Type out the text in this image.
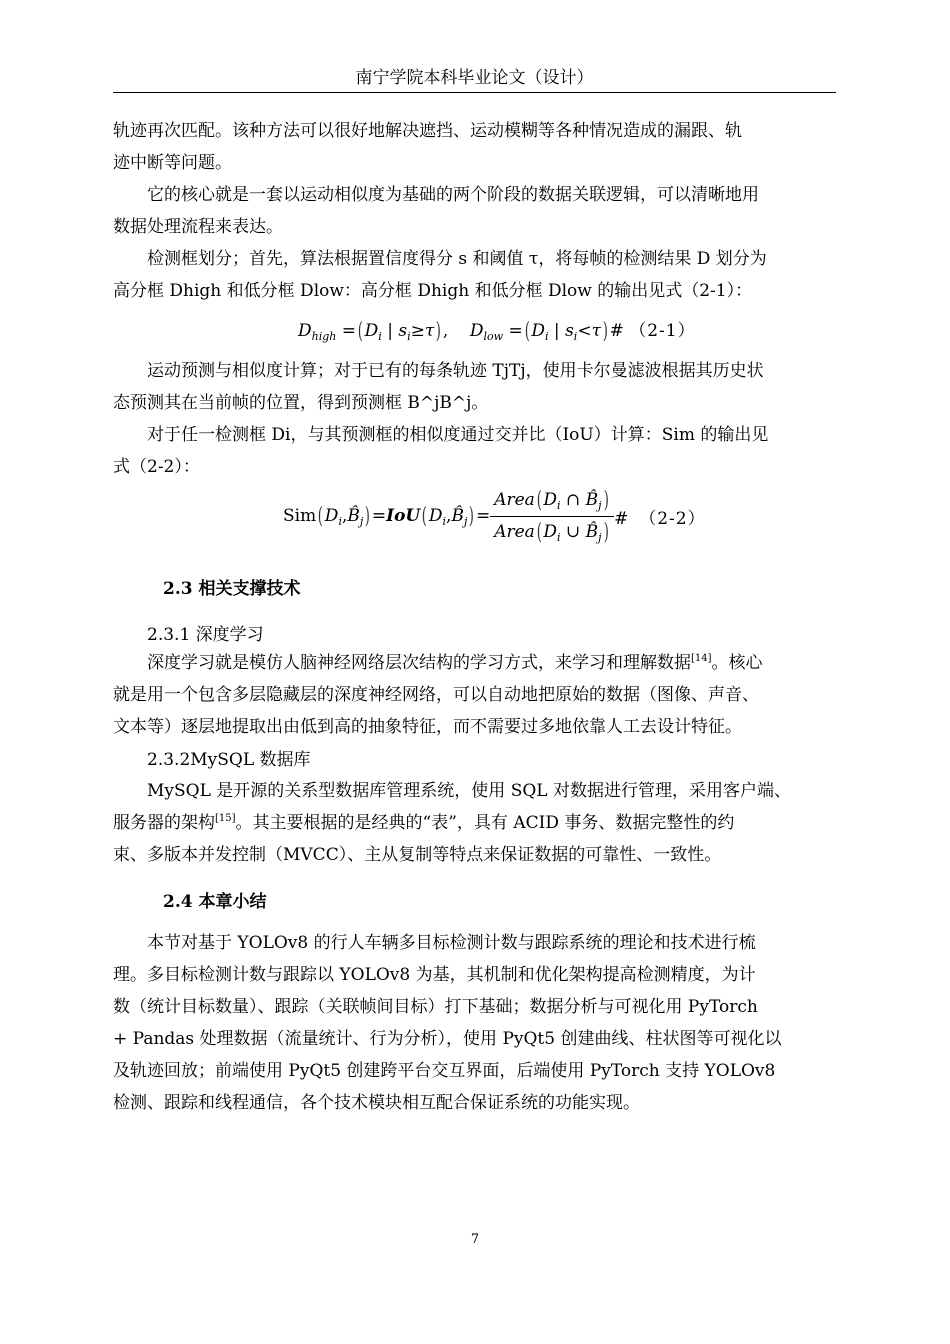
南宁学院本科毕业论文（设计）
轨迹再次匹配。该种方法可以很好地解决遮挡、运动模糊等各种情况造成的漏跟、轨
迹中断等问题。
它的核心就是一套以运动相似度为基础的两个阶段的数据关联逻辑，可以清晰地用
数据处理流程来表达。
检测框划分；首先，算法根据置信度得分 s 和阈值 τ，将每帧的检测结果 D 划分为
高分框 Dhigh 和低分框 Dlow：高分框 Dhigh 和低分框 Dlow 的输出见式（2-1）：
$D_{high}$ =( $D_i$ | $s_i\ge\tau$) , $D_{low}$ =( $D_i$ | $s_i<\tau$) # （2-1）
运动预测与相似度计算；对于已有的每条轨迹 TjTj，使用卡尔曼滤波根据其历史状
态预测其在当前帧的位置，得到预测框 B^jB^j。
对于任一检测框 Di，与其预测框的相似度通过交并比（IoU）计算：Sim 的输出见
式（2-2）：
Sim( $D_i,B̂_j) =IoU$( $D_i,B̂_j) = \frac{Area( D_i \cap B̂_j)}{Area( D_i \cup B̂_j)}$ # （2-2）
2.3 相关支撑技术
2.3.1 深度学习
深度学习就是模仿人脑神经网络层次结构的学习方式，来学习和理解数据[14]。核心
就是用一个包含多层隐藏层的深度神经网络，可以自动地把原始的数据（图像、声音、
文本等）逐层地提取出由低到高的抽象特征，而不需要过多地依靠人工去设计特征。
2.3.2MySQL 数据库
MySQL 是开源的关系型数据库管理系统，使用 SQL 对数据进行管理，采用客户端、
服务器的架构[15]。其主要根据的是经典的“表”，具有 ACID 事务、数据完整性的约
束、多版本并发控制（MVCC）、主从复制等特点来保证数据的可靠性、一致性。
2.4 本章小结
本节对基于 YOLOv8 的行人车辆多目标检测计数与跟踪系统的理论和技术进行梳
理。多目标检测计数与跟踪以 YOLOv8 为基，其机制和优化架构提高检测精度，为计
数（统计目标数量）、跟踪（关联帧间目标）打下基础；数据分析与可视化用 PyTorch
+ Pandas 处理数据（流量统计、行为分析），使用 PyQt5 创建曲线、柱状图等可视化以
及轨迹回放；前端使用 PyQt5 创建跨平台交互界面，后端使用 PyTorch 支持 YOLOv8
检测、跟踪和线程通信，各个技术模块相互配合保证系统的功能实现。
7
